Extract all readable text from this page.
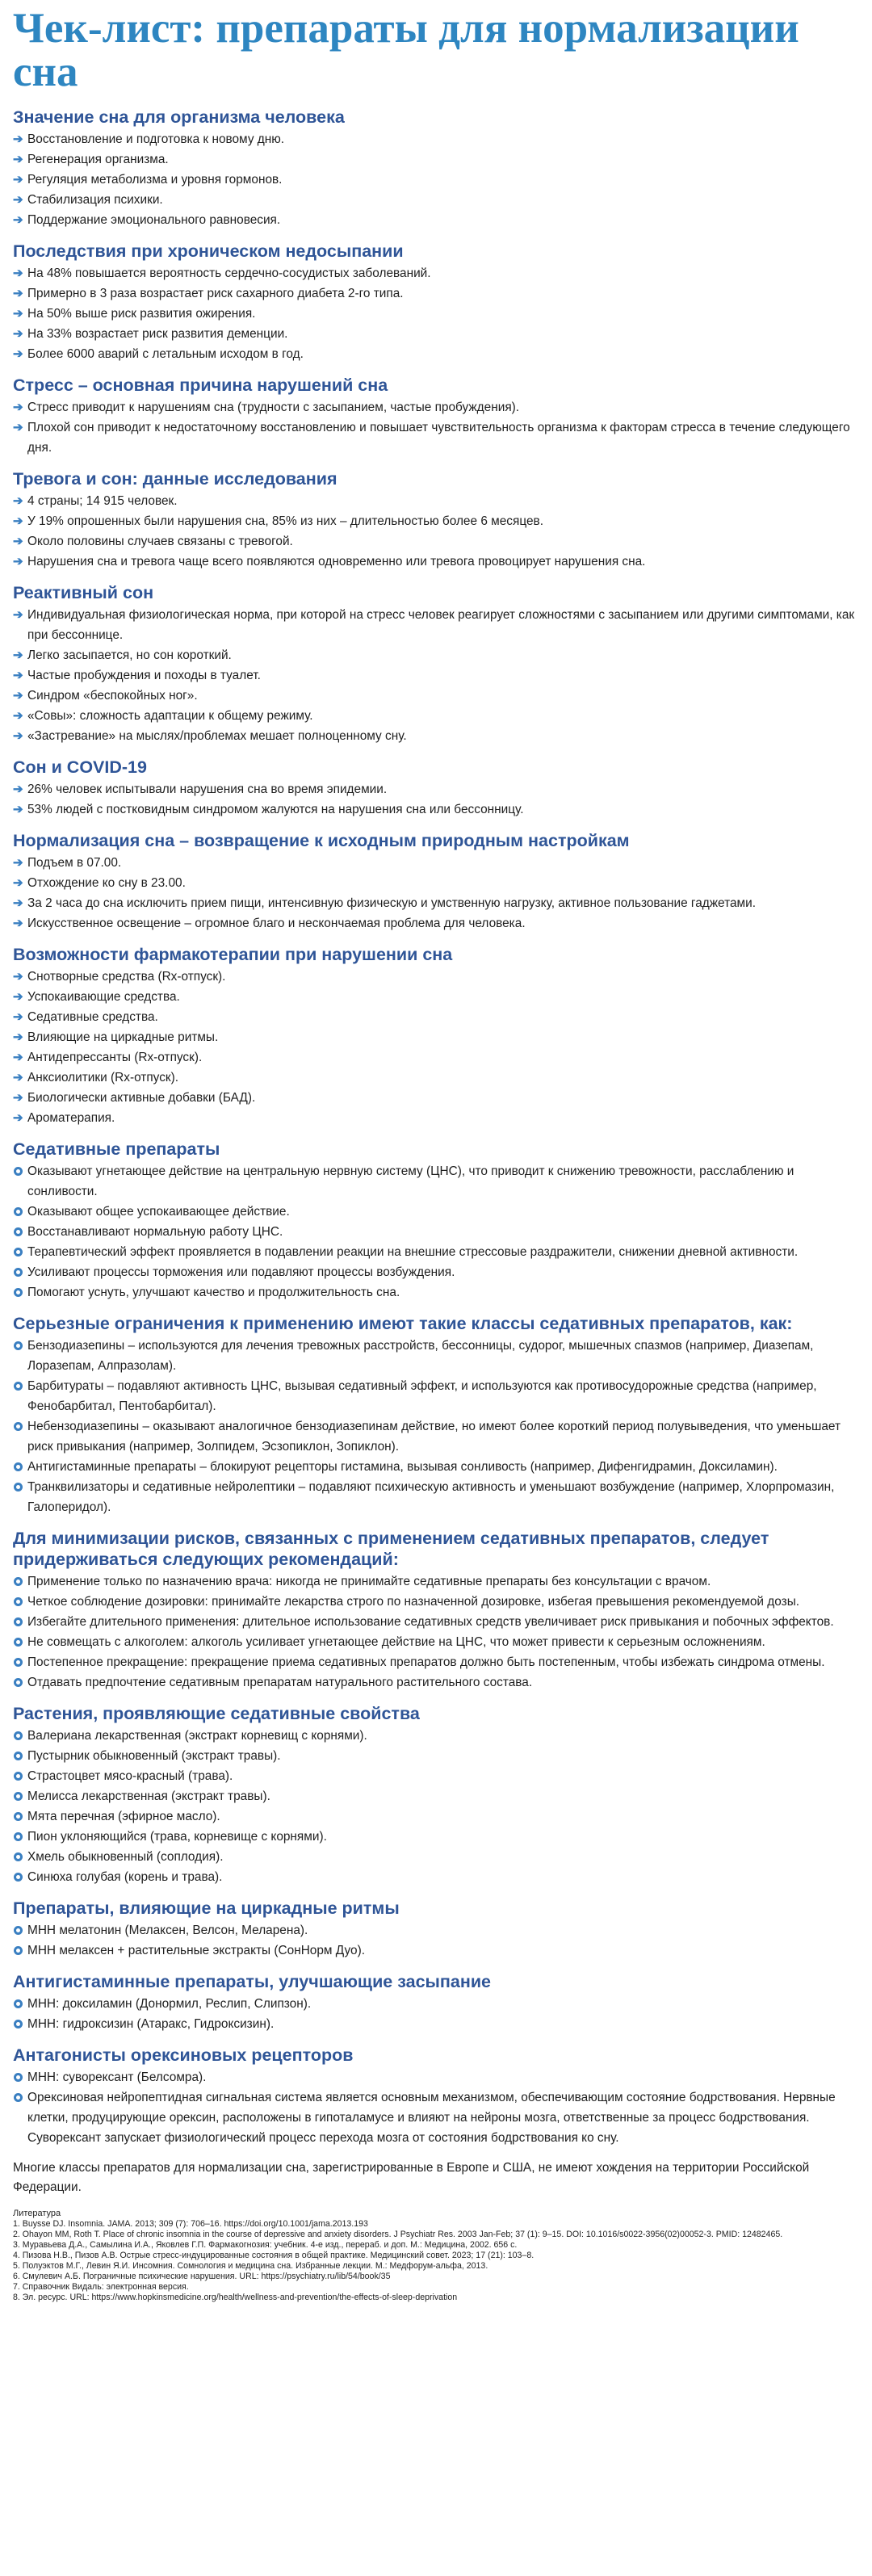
Чек-лист: препараты для нормализации сна
Значение сна для организма человека
➔ Восстановление и подготовка к новому дню.
➔ Регенерация организма.
➔ Регуляция метаболизма и уровня гормонов.
➔ Стабилизация психики.
➔ Поддержание эмоционального равновесия.
Последствия при хроническом недосыпании
➔ На 48% повышается вероятность сердечно-сосудистых заболеваний.
➔ Примерно в 3 раза возрастает риск сахарного диабета 2-го типа.
➔ На 50% выше риск развития ожирения.
➔ На 33% возрастает риск развития деменции.
➔ Более 6000 аварий с летальным исходом в год.
Стресс – основная причина нарушений сна
➔ Стресс приводит к нарушениям сна (трудности с засыпанием, частые пробуждения).
➔ Плохой сон приводит к недостаточному восстановлению и повышает чувствительность организма к факторам стресса в течение следующего дня.
Тревога и сон: данные исследования
➔ 4 страны; 14 915 человек.
➔ У 19% опрошенных были нарушения сна, 85% из них – длительностью более 6 месяцев.
➔ Около половины случаев связаны с тревогой.
➔ Нарушения сна и тревога чаще всего появляются одновременно или тревога провоцирует нарушения сна.
Реактивный сон
➔ Индивидуальная физиологическая норма, при которой на стресс человек реагирует сложностями с засыпанием или другими симптомами, как при бессоннице.
➔ Легко засыпается, но сон короткий.
➔ Частые пробуждения и походы в туалет.
➔ Синдром «беспокойных ног».
➔ «Совы»: сложность адаптации к общему режиму.
➔ «Застревание» на мыслях/проблемах мешает полноценному сну.
Сон и COVID-19
➔ 26% человек испытывали нарушения сна во время эпидемии.
➔ 53% людей с постковидным синдромом жалуются на нарушения сна или бессонницу.
Нормализация сна – возвращение к исходным природным настройкам
➔ Подъем в 07.00.
➔ Отхождение ко сну в 23.00.
➔ За 2 часа до сна исключить прием пищи, интенсивную физическую и умственную нагрузку, активное пользование гаджетами.
➔ Искусственное освещение – огромное благо и нескончаемая проблема для человека.
Возможности фармакотерапии при нарушении сна
➔ Снотворные средства (Rx-отпуск).
➔ Успокаивающие средства.
➔ Седативные средства.
➔ Влияющие на циркадные ритмы.
➔ Антидепрессанты (Rx-отпуск).
➔ Анксиолитики (Rx-отпуск).
➔ Биологически активные добавки (БАД).
➔ Ароматерапия.
Седативные препараты
Оказывают угнетающее действие на центральную нервную систему (ЦНС), что приводит к снижению тревожности, расслаблению и сонливости.
Оказывают общее успокаивающее действие.
Восстанавливают нормальную работу ЦНС.
Терапевтический эффект проявляется в подавлении реакции на внешние стрессовые раздражители, снижении дневной активности.
Усиливают процессы торможения или подавляют процессы возбуждения.
Помогают уснуть, улучшают качество и продолжительность сна.
Серьезные ограничения к применению имеют такие классы седативных препаратов, как:
Бензодиазепины – используются для лечения тревожных расстройств, бессонницы, судорог, мышечных спазмов (например, Диазепам, Лоразепам, Алпразолам).
Барбитураты – подавляют активность ЦНС, вызывая седативный эффект, и используются как противосудорожные средства (например, Фенобарбитал, Пентобарбитал).
Небензодиазепины – оказывают аналогичное бензодиазепинам действие, но имеют более короткий период полувыведения, что уменьшает риск привыкания (например, Золпидем, Эсзопиклон, Зопиклон).
Антигистаминные препараты – блокируют рецепторы гистамина, вызывая сонливость (например, Дифенгидрамин, Доксиламин).
Транквилизаторы и седативные нейролептики – подавляют психическую активность и уменьшают возбуждение (например, Хлорпромазин, Галоперидол).
Для минимизации рисков, связанных с применением седативных препаратов, следует придерживаться следующих рекомендаций:
Применение только по назначению врача: никогда не принимайте седативные препараты без консультации с врачом.
Четкое соблюдение дозировки: принимайте лекарства строго по назначенной дозировке, избегая превышения рекомендуемой дозы.
Избегайте длительного применения: длительное использование седативных средств увеличивает риск привыкания и побочных эффектов.
Не совмещать с алкоголем: алкоголь усиливает угнетающее действие на ЦНС, что может привести к серьезным осложнениям.
Постепенное прекращение: прекращение приема седативных препаратов должно быть постепенным, чтобы избежать синдрома отмены.
Отдавать предпочтение седативным препаратам натурального растительного состава.
Растения, проявляющие седативные свойства
Валериана лекарственная (экстракт корневищ с корнями).
Пустырник обыкновенный (экстракт травы).
Страстоцвет мясо-красный (трава).
Мелисса лекарственная (экстракт травы).
Мята перечная (эфирное масло).
Пион уклоняющийся (трава, корневище с корнями).
Хмель обыкновенный (соплодия).
Синюха голубая (корень и трава).
Препараты, влияющие на циркадные ритмы
МНН мелатонин (Мелаксен, Велсон, Меларена).
МНН мелаксен + растительные экстракты (СонНорм Дуо).
Антигистаминные препараты, улучшающие засыпание
МНН: доксиламин (Донормил, Реслип, Слипзон).
МНН: гидроксизин (Атаракс, Гидроксизин).
Антагонисты орексиновых рецепторов
МНН: суворексант (Белсомра).
Орексиновая нейропептидная сигнальная система является основным механизмом, обеспечивающим состояние бодрствования. Нервные клетки, продуцирующие орексин, расположены в гипоталамусе и влияют на нейроны мозга, ответственные за процесс бодрствования. Суворексант запускает физиологический процесс перехода мозга от состояния бодрствования ко сну.

Многие классы препаратов для нормализации сна, зарегистрированные в Европе и США, не имеют хождения на территории Российской Федерации.

Литература

1. Buysse DJ. Insomnia. JAMA. 2013; 309 (7): 706–16. https://doi.org/10.1001/jama.2013.193
2. Ohayon MM, Roth T. Place of chronic insomnia in the course of depressive and anxiety disorders. J Psychiatr Res. 2003 Jan-Feb; 37 (1): 9–15. DOI: 10.1016/s0022-3956(02)00052-3. PMID: 12482465.
3. Муравьева Д.А., Самылина И.А., Яковлев Г.П. Фармакогнозия: учебник. 4-е изд., перераб. и доп. М.: Медицина, 2002. 656 с.
4. Пизова Н.В., Пизов А.В. Острые стресс-индуцированные состояния в общей практике. Медицинский совет. 2023; 17 (21): 103–8.
5. Полуэктов М.Г., Левин Я.И. Инсомния. Сомнология и медицина сна. Избранные лекции. М.: Медфорум-альфа, 2013.
6. Смулевич А.Б. Пограничные психические нарушения. URL: https://psychiatry.ru/lib/54/book/35
7. Справочник Видаль: электронная версия.
8. Эл. ресурс. URL: https://www.hopkinsmedicine.org/health/wellness-and-prevention/the-effects-of-sleep-deprivation
